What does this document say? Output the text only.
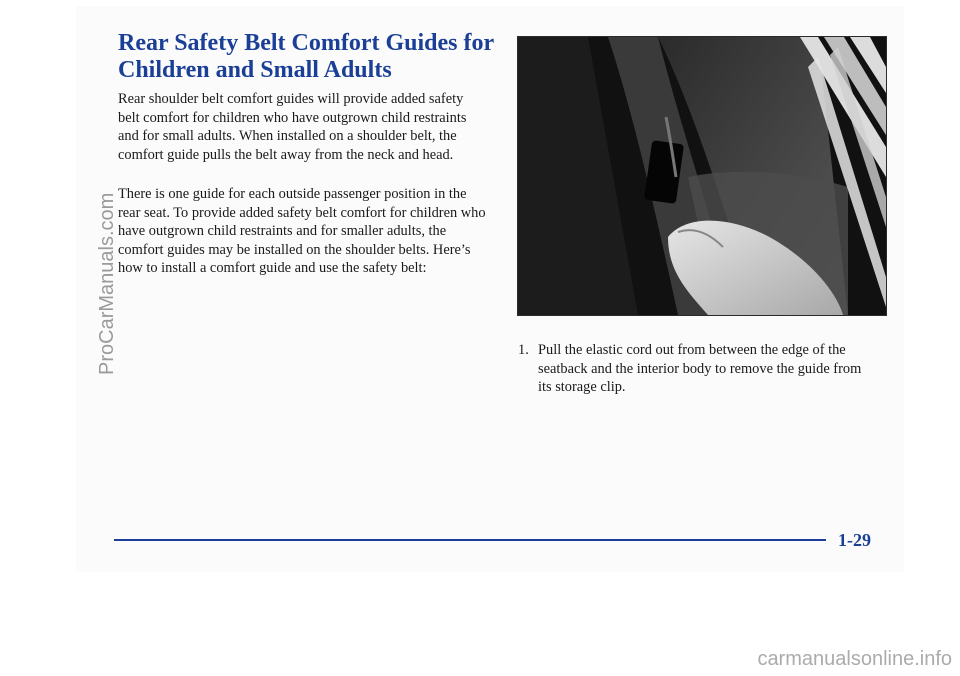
Rear Safety Belt Comfort Guides for Children and Small Adults

Rear shoulder belt comfort guides will provide added safety belt comfort for children who have outgrown child restraints and for small adults. When installed on a shoulder belt, the comfort guide pulls the belt away from the neck and head.

There is one guide for each outside passenger position in the rear seat. To provide added safety belt comfort for children who have outgrown child restraints and for smaller adults, the comfort guides may be installed on the shoulder belts. Here’s how to install a comfort guide and use the safety belt:

1. Pull the elastic cord out from between the edge of the seatback and the interior body to remove the guide from its storage clip.
1-29
ProCarManuals.com
carmanualsonline.info
